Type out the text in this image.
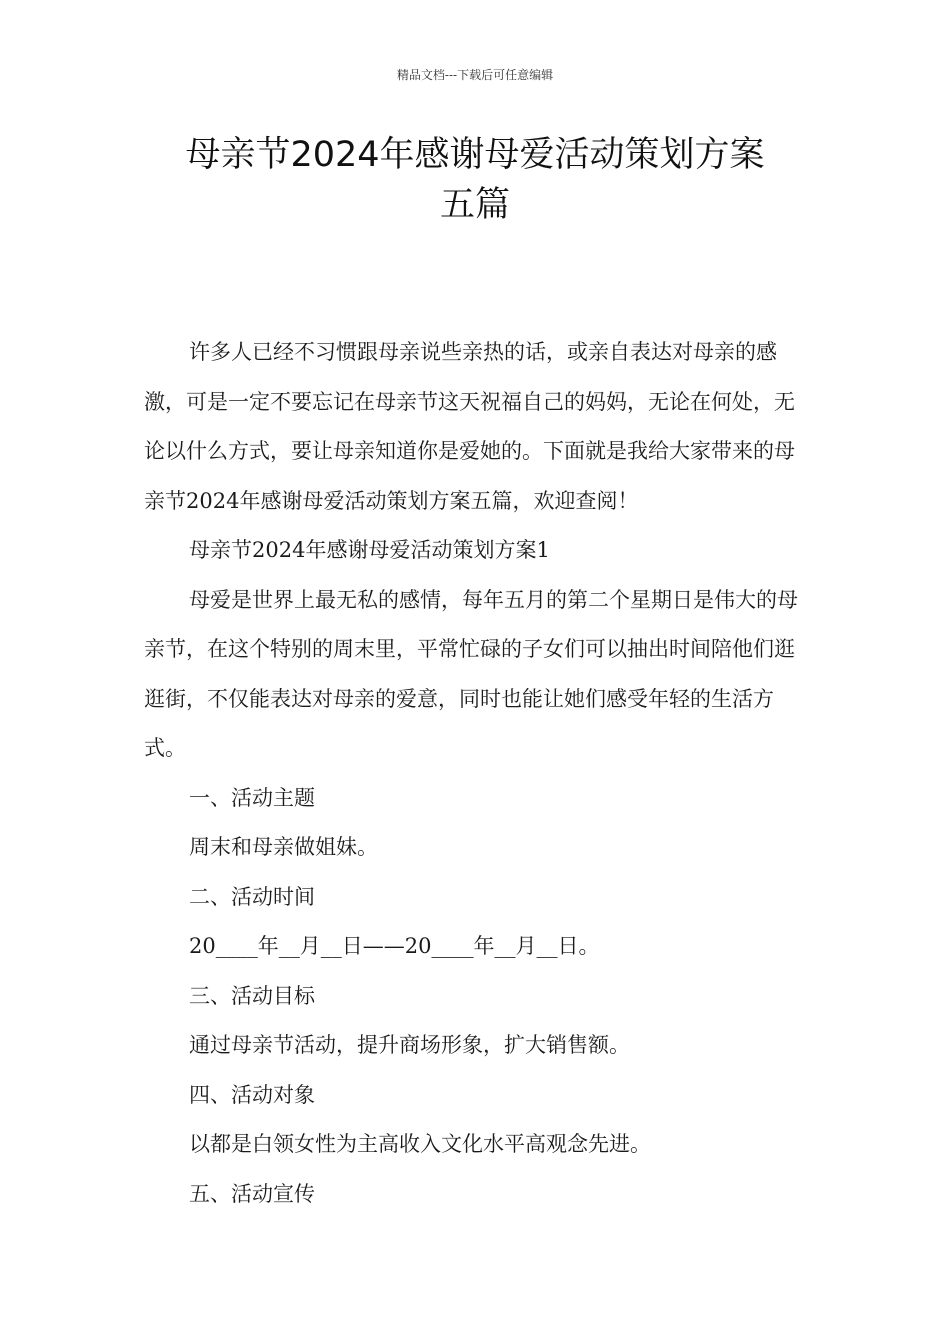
精品文档---下载后可任意编辑
母亲节2024年感谢母爱活动策划方案
五篇

许多人已经不习惯跟母亲说些亲热的话，或亲自表达对母亲的感激，可是一定不要忘记在母亲节这天祝福自己的妈妈，无论在何处，无论以什么方式，要让母亲知道你是爱她的。下面就是我给大家带来的母亲节2024年感谢母爱活动策划方案五篇，欢迎查阅！

母亲节2024年感谢母爱活动策划方案1

母爱是世界上最无私的感情，每年五月的第二个星期日是伟大的母亲节，在这个特别的周末里，平常忙碌的子女们可以抽出时间陪他们逛逛街，不仅能表达对母亲的爱意，同时也能让她们感受年轻的生活方式。

一、活动主题

周末和母亲做姐妹。

二、活动时间

20____年__月__日——20____年__月__日。

三、活动目标

通过母亲节活动，提升商场形象，扩大销售额。

四、活动对象

以都是白领女性为主高收入文化水平高观念先进。

五、活动宣传
